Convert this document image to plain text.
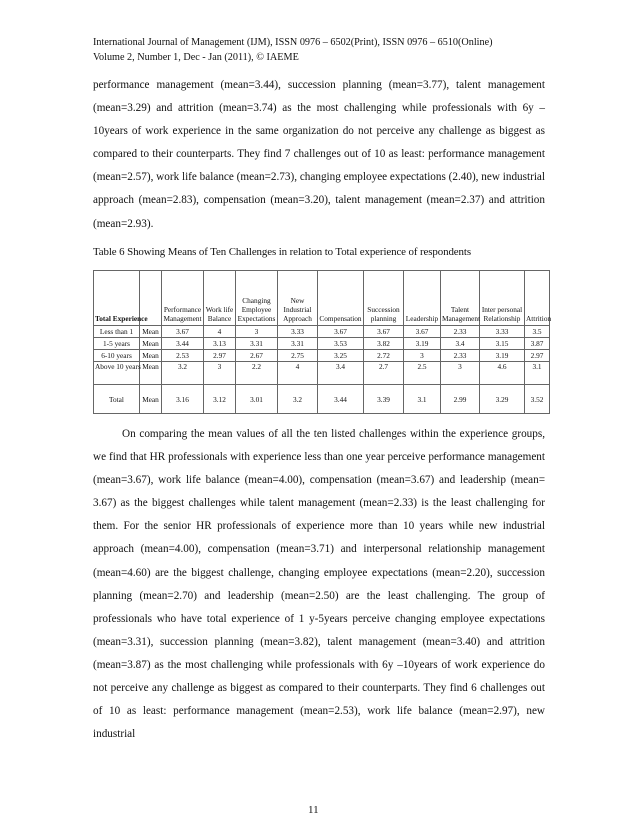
International Journal of Management (IJM), ISSN 0976 – 6502(Print), ISSN 0976 – 6510(Online)
Volume 2, Number 1, Dec - Jan (2011), © IAEME
performance management (mean=3.44), succession planning (mean=3.77), talent management (mean=3.29) and attrition (mean=3.74) as the most challenging while professionals with 6y –10years of work experience in the same organization do not perceive any challenge as biggest as compared to their counterparts. They find 7 challenges out of 10 as least: performance management (mean=2.57), work life balance (mean=2.73), changing employee expectations (2.40), new industrial approach (mean=2.83), compensation (mean=3.20), talent management (mean=2.37) and attrition (mean=2.93).
Table 6 Showing Means of Ten Challenges in relation to Total experience of respondents
Total Experience		Performance Management	Work life Balance	Changing Employee Expectations	New Industrial Approach	Compensation	Succession planning	Leadership	Talent Management	Inter personal Relationship	Attrition
Less than 1	Mean	3.67	4	3	3.33	3.67	3.67	3.67	2.33	3.33	3.5
1-5 years	Mean	3.44	3.13	3.31	3.31	3.53	3.82	3.19	3.4	3.15	3.87
6-10 years	Mean	2.53	2.97	2.67	2.75	3.25	2.72	3	2.33	3.19	2.97
Above 10 years	Mean	3.2	3	2.2	4	3.4	2.7	2.5	3	4.6	3.1
Total	Mean	3.16	3.12	3.01	3.2	3.44	3.39	3.1	2.99	3.29	3.52
On comparing the mean values of all the ten listed challenges within the experience groups, we find that HR professionals with experience less than one year perceive performance management (mean=3.67), work life balance (mean=4.00), compensation (mean=3.67) and leadership (mean= 3.67) as the biggest challenges while talent management (mean=2.33) is the least challenging for them. For the senior HR professionals of experience more than 10 years while new industrial approach (mean=4.00), compensation (mean=3.71) and interpersonal relationship management (mean=4.60) are the biggest challenge, changing employee expectations (mean=2.20), succession planning (mean=2.70) and leadership (mean=2.50) are the least challenging. The group of professionals who have total experience of 1 y-5years perceive changing employee expectations (mean=3.31), succession planning (mean=3.82), talent management (mean=3.40) and attrition (mean=3.87) as the most challenging while professionals with 6y –10years of work experience do not perceive any challenge as biggest as compared to their counterparts. They find 6 challenges out of 10 as least: performance management (mean=2.53), work life balance (mean=2.97), new industrial
11
